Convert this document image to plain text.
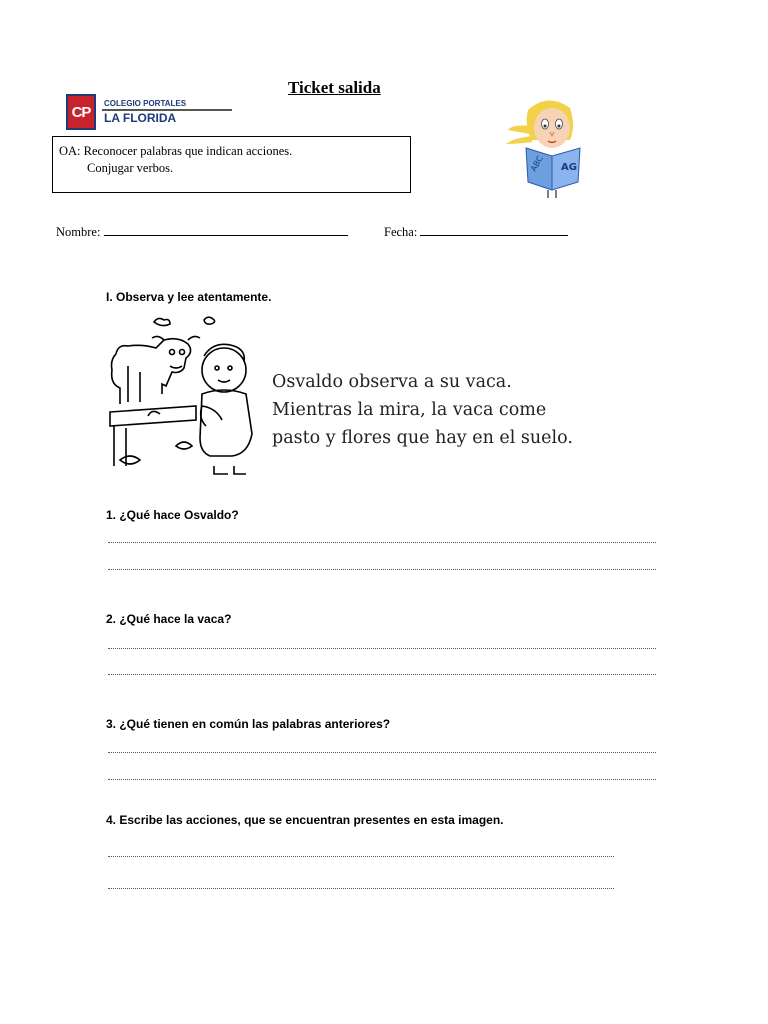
Ticket salida
CP	COLEGIO PORTALES
LA FLORIDA
OA: Reconocer palabras que indican acciones.
Conjugar verbos.	ABC AG
Nombre:	Fecha:
I. Observa y lee atentamente.
Osvaldo observa a su vaca.
Mientras la mira, la vaca come
pasto y flores que hay en el suelo.
1. ¿Qué hace Osvaldo?
2. ¿Qué hace la vaca?
3. ¿Qué tienen en común las palabras anteriores?
4. Escribe las acciones, que se encuentran presentes en esta imagen.
